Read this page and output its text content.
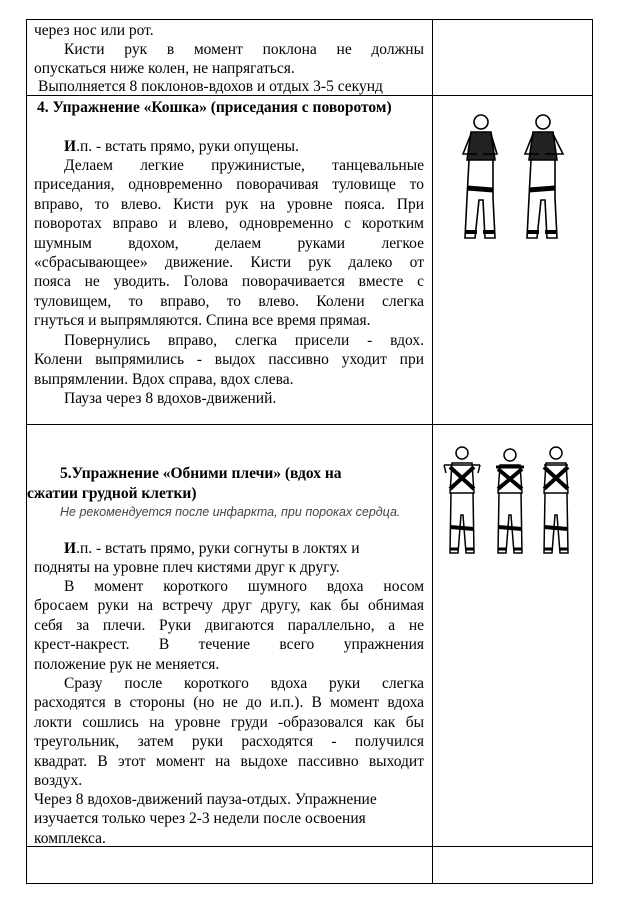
через нос или рот.
Кисти рук в момент поклона не должны
опускаться ниже колен, не напрягаться.
Выполняется 8 поклонов-вдохов и отдых 3-5 секунд
4. Упражнение «Кошка» (приседания с поворотом)
И.п. - встать прямо, руки опущены.
Делаем легкие пружинистые, танцевальные
приседания, одновременно поворачивая туловище то
вправо, то влево. Кисти рук на уровне пояса. При
поворотах вправо и влево, одновременно с коротким
шумным вдохом, делаем руками легкое
«сбрасывающее» движение. Кисти рук далеко от
пояса не уводить. Голова поворачивается вместе с
туловищем, то вправо, то влево. Колени слегка
гнуться и выпрямляются. Спина все время прямая.
Повернулись вправо, слегка присели - вдох.
Колени выпрямились - выдох пассивно уходит при
выпрямлении. Вдох справа, вдох слева.
Пауза через 8 вдохов-движений.
5.Упражнение «Обними плечи» (вдох на
сжатии грудной клетки)
Не рекомендуется после инфаркта, при пороках сердца.
И.п. - встать прямо, руки согнуты в локтях и
подняты на уровне плеч кистями друг к другу.
В момент короткого шумного вдоха носом
бросаем руки на встречу друг другу, как бы обнимая
себя за плечи. Руки двигаются параллельно, а не
крест-накрест. В течение всего упражнения
положение рук не меняется.
Сразу после короткого вдоха руки слегка
расходятся в стороны (но не до и.п.). В момент вдоха
локти сошлись на уровне груди -образовался как бы
треугольник, затем руки расходятся - получился
квадрат. В этот момент на выдохе пассивно выходит
воздух.
Через 8 вдохов-движений пауза-отдых. Упражнение
изучается только через 2-3 недели после освоения
комплекса.
